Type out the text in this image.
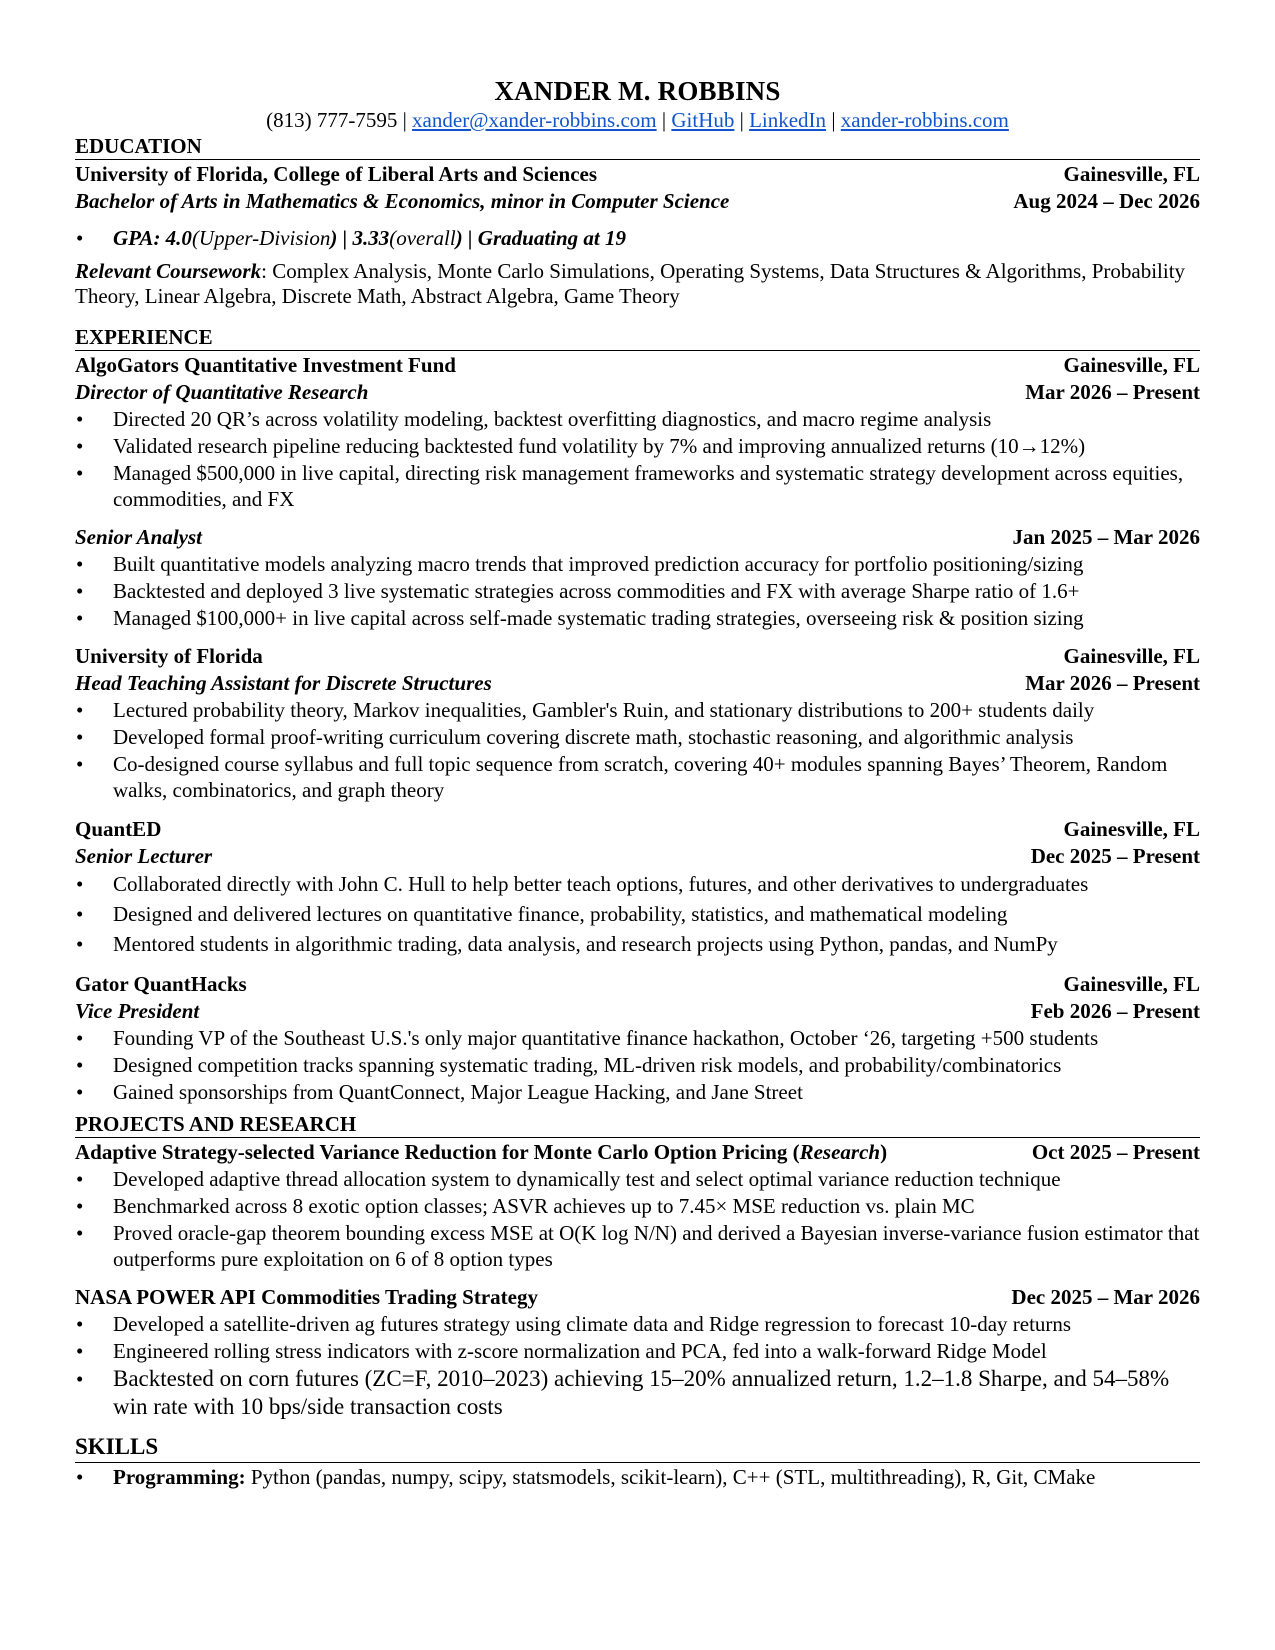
XANDER M. ROBBINS
(813) 777-7595 | xander@xander-robbins.com | GitHub | LinkedIn | xander-robbins.com
EDUCATION
University of Florida, College of Liberal Arts and Sciences	Gainesville, FL
Bachelor of Arts in Mathematics & Economics, minor in Computer Science	Aug 2024 – Dec 2026
• GPA: 4.0(Upper-Division) | 3.33(overall) | Graduating at 19
Relevant Coursework: Complex Analysis, Monte Carlo Simulations, Operating Systems, Data Structures & Algorithms, Probability Theory, Linear Algebra, Discrete Math, Abstract Algebra, Game Theory
EXPERIENCE
AlgoGators Quantitative Investment Fund	Gainesville, FL
Director of Quantitative Research	Mar 2026 – Present
• Directed 20 QR’s across volatility modeling, backtest overfitting diagnostics, and macro regime analysis
• Validated research pipeline reducing backtested fund volatility by 7% and improving annualized returns (10→12%)
• Managed $500,000 in live capital, directing risk management frameworks and systematic strategy development across equities, commodities, and FX
Senior Analyst	Jan 2025 – Mar 2026
• Built quantitative models analyzing macro trends that improved prediction accuracy for portfolio positioning/sizing
• Backtested and deployed 3 live systematic strategies across commodities and FX with average Sharpe ratio of 1.6+
• Managed $100,000+ in live capital across self-made systematic trading strategies, overseeing risk & position sizing
University of Florida	Gainesville, FL
Head Teaching Assistant for Discrete Structures	Mar 2026 – Present
• Lectured probability theory, Markov inequalities, Gambler's Ruin, and stationary distributions to 200+ students daily
• Developed formal proof-writing curriculum covering discrete math, stochastic reasoning, and algorithmic analysis
• Co-designed course syllabus and full topic sequence from scratch, covering 40+ modules spanning Bayes’ Theorem, Random walks, combinatorics, and graph theory
QuantED	Gainesville, FL
Senior Lecturer	Dec 2025 – Present
• Collaborated directly with John C. Hull to help better teach options, futures, and other derivatives to undergraduates
• Designed and delivered lectures on quantitative finance, probability, statistics, and mathematical modeling
• Mentored students in algorithmic trading, data analysis, and research projects using Python, pandas, and NumPy
Gator QuantHacks	Gainesville, FL
Vice President	Feb 2026 – Present
• Founding VP of the Southeast U.S.'s only major quantitative finance hackathon, October ‘26, targeting +500 students
• Designed competition tracks spanning systematic trading, ML-driven risk models, and probability/combinatorics
• Gained sponsorships from QuantConnect, Major League Hacking, and Jane Street
PROJECTS AND RESEARCH
Adaptive Strategy-selected Variance Reduction for Monte Carlo Option Pricing (Research)	Oct 2025 – Present
• Developed adaptive thread allocation system to dynamically test and select optimal variance reduction technique
• Benchmarked across 8 exotic option classes; ASVR achieves up to 7.45× MSE reduction vs. plain MC
• Proved oracle-gap theorem bounding excess MSE at O(K log N/N) and derived a Bayesian inverse-variance fusion estimator that outperforms pure exploitation on 6 of 8 option types
NASA POWER API Commodities Trading Strategy	Dec 2025 – Mar 2026
• Developed a satellite-driven ag futures strategy using climate data and Ridge regression to forecast 10-day returns
• Engineered rolling stress indicators with z-score normalization and PCA, fed into a walk-forward Ridge Model
• Backtested on corn futures (ZC=F, 2010–2023) achieving 15–20% annualized return, 1.2–1.8 Sharpe, and 54–58% win rate with 10 bps/side transaction costs
SKILLS
• Programming: Python (pandas, numpy, scipy, statsmodels, scikit-learn), C++ (STL, multithreading), R, Git, CMake
